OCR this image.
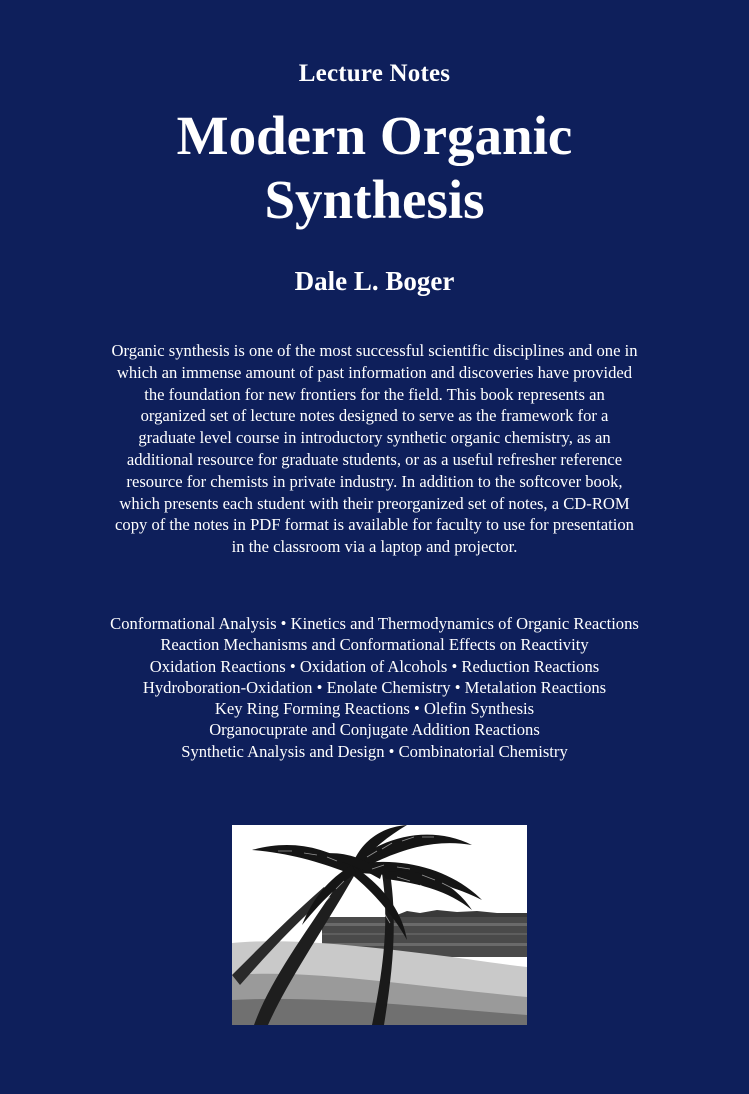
Lecture Notes
Modern Organic
Synthesis
Dale L. Boger
Organic synthesis is one of the most successful scientific disciplines and one in
which an immense amount of past information and discoveries have provided
the foundation for new frontiers for the field. This book represents an
organized set of lecture notes designed to serve as the framework for a
graduate level course in introductory synthetic organic chemistry, as an
additional resource for graduate students, or as a useful refresher reference
resource for chemists in private industry. In addition to the softcover book,
which presents each student with their preorganized set of notes, a CD-ROM
copy of the notes in PDF format is available for faculty to use for presentation
in the classroom via a laptop and projector.
Conformational Analysis • Kinetics and Thermodynamics of Organic Reactions
Reaction Mechanisms and Conformational Effects on Reactivity
Oxidation Reactions • Oxidation of Alcohols • Reduction Reactions
Hydroboration-Oxidation • Enolate Chemistry • Metalation Reactions
Key Ring Forming Reactions • Olefin Synthesis
Organocuprate and Conjugate Addition Reactions
Synthetic Analysis and Design • Combinatorial Chemistry
